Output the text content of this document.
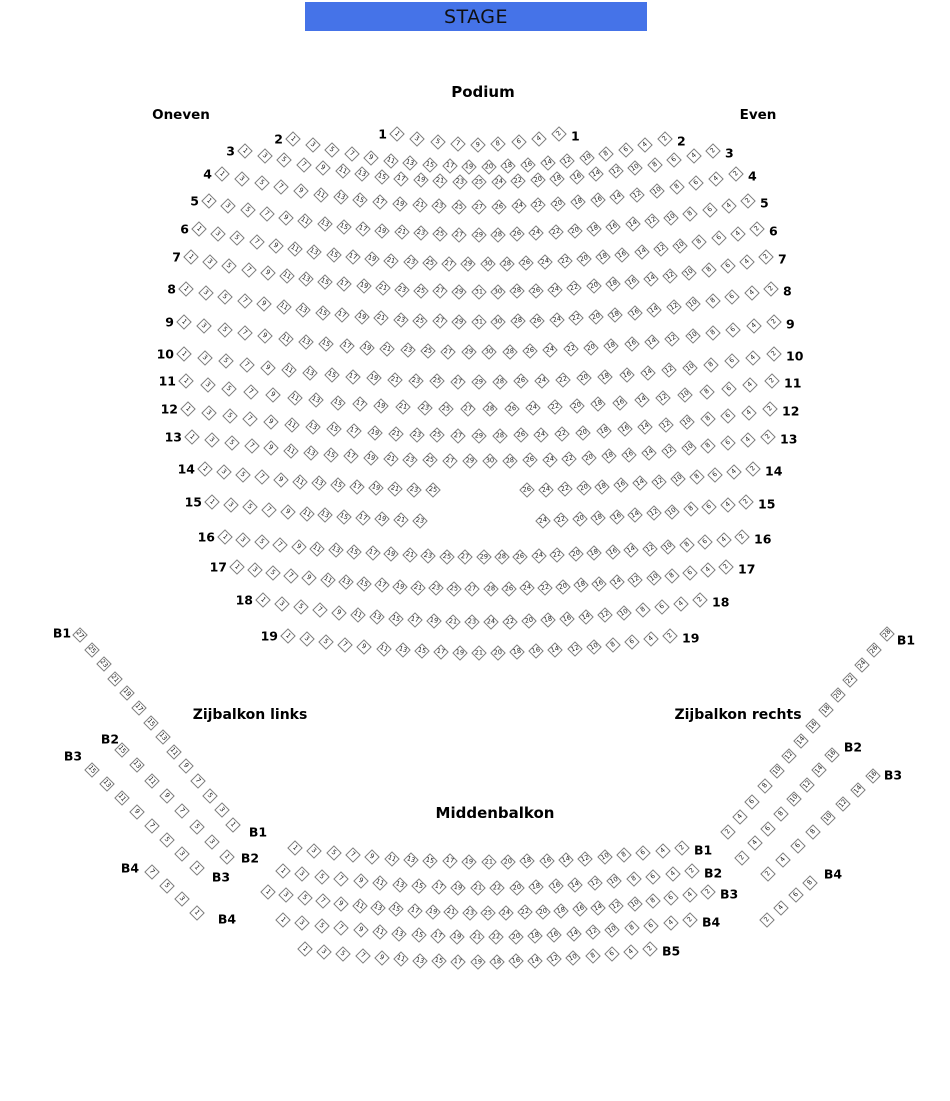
STAGE
Podium
Oneven	Even
Zijbalkon links	Zijbalkon rechts
Middenbalkon
1
3 5 7 9 8 6 4
2
1	1
1
3
5 7 9 11 13 15 17 19 20 18 16 14 12 10 8 6
4
2
2	2
1
3
5 7 9 11 13 15 17 19 21 23 25 24 22 20 18 16 14 12 10 8 6
4
2
3	3
1
3
5 7 9 11 13 15 17 19 21 23 25 27 26 24 22 20 18 16 14 12 10 8 6
4
2
4	4
1
3 5 7 9 11 13 15 17 19 21 23 25 27 29 28 26 24 22 20 18 16 14 12 10 8 6 4
2
5	5
1
3 5 7 9 11 13 15 17 19 21 23 25 27 29 30 28 26 24 22 20 18 16 14 12 10 8 6 4
2
6	6
1
3 5 7 9 11 13 15 17 19 21 23 25 27 29 31 30 28 26 24 22 20 18 16 14 12 10 8 6 4
2
7	7
1 3 5 7 9 11 13 15 17 19 21 23 25 27 29 31 30 28 26 24 22 20 18 16 14 12 10 8 6 4 2
8	8
1 3 5 7 9 11 13 15 17 19 21 23 25 27 29 30 28 26 24 22 20 18 16 14 12 10 8 6 4 2
9	9
1 3 5 7 9 11 13 15 17 19 21 23 25 27 29 28 26 24 22 20 18 16 14 12 10 8 6 4 2
10	10
1 3 5 7 9 11 13 15 17 19 21 23 25 27 28 26 24 22 20 18 16 14 12 10 8 6 4 2
11	11
1 3 5 7 9 11 13 15 17 19 21 23 25 27 29 28 26 24 22 20 18 16 14 12 10 8 6 4 2
12	12
1 3 5 7 9 11 13 15 17 19 21 23 25 27 29 30 28 26 24 22 20 18 16 14 12 10 8 6 4 2
13	13
1 3 5 7 9 11 13 15 17 19 21 23 25	26 24 22 20 18 16 14 12 10 8 6 4 2
14	14
1 3 5 7 9 11 13 15 17 19 21 23	24 22 20 18 16 14 12 10 8 6 4 2
15	15
1 3 5 7 9 11 13 15 17 19 21 23 25 27 29 28 26 24 22 20 18 16 14 12 10 8 6 4 2
16	16
1 3 5 7 9 11 13 15 17 19 21 23 25 27 28 26 24 22 20 18 16 14 12 10 8 6 4 2
17	17
1 3 5 7 9 11 13 15 17 19 21 23 24 22 20 18 16 14 12 10 8 6 4 2
18	18
1 3 5 7 9 11 13 15 17 19 21 20 18 16 14 12 10 8 6 4 2
19	19
1 3 5 7 9 11 13 15 17 19 21 20 18 16 14 12 10 8 6 4 2 B1
1 3 5 7 9 11 13 15 17 19 21 22 20 18 16 14 12 10 8 6 4 2 B2
1 3 5 7 9 11 13 15 17 19 21 23 25 24 22 20 18 16 14 12 10 8 6 4 2 B3
1 3 5 7 9 11 13 15 17 19 21 22 20 18 16 14 12 10 8 6 4 2 B4
1 3 5 7 9 11 13 15 17 19 18 16 14 12 10 8 6 4 2 B5
27
25
23
21
19
17
15
13
11
9
7
5
3
1
B1
B1
15
13
11
9
7
5
3
1
B2
B2
15
13
11
9
7
5
3
1
B3
B3
7
5
3
1
B4
B4
2
4
6
8
10
12
14
16
18
20
22
24
26
28 B1
2
4
6
8
10
12
14
16
B2
2
4
6
8
10
12
14
16 B3
2
4
6
8
B4
